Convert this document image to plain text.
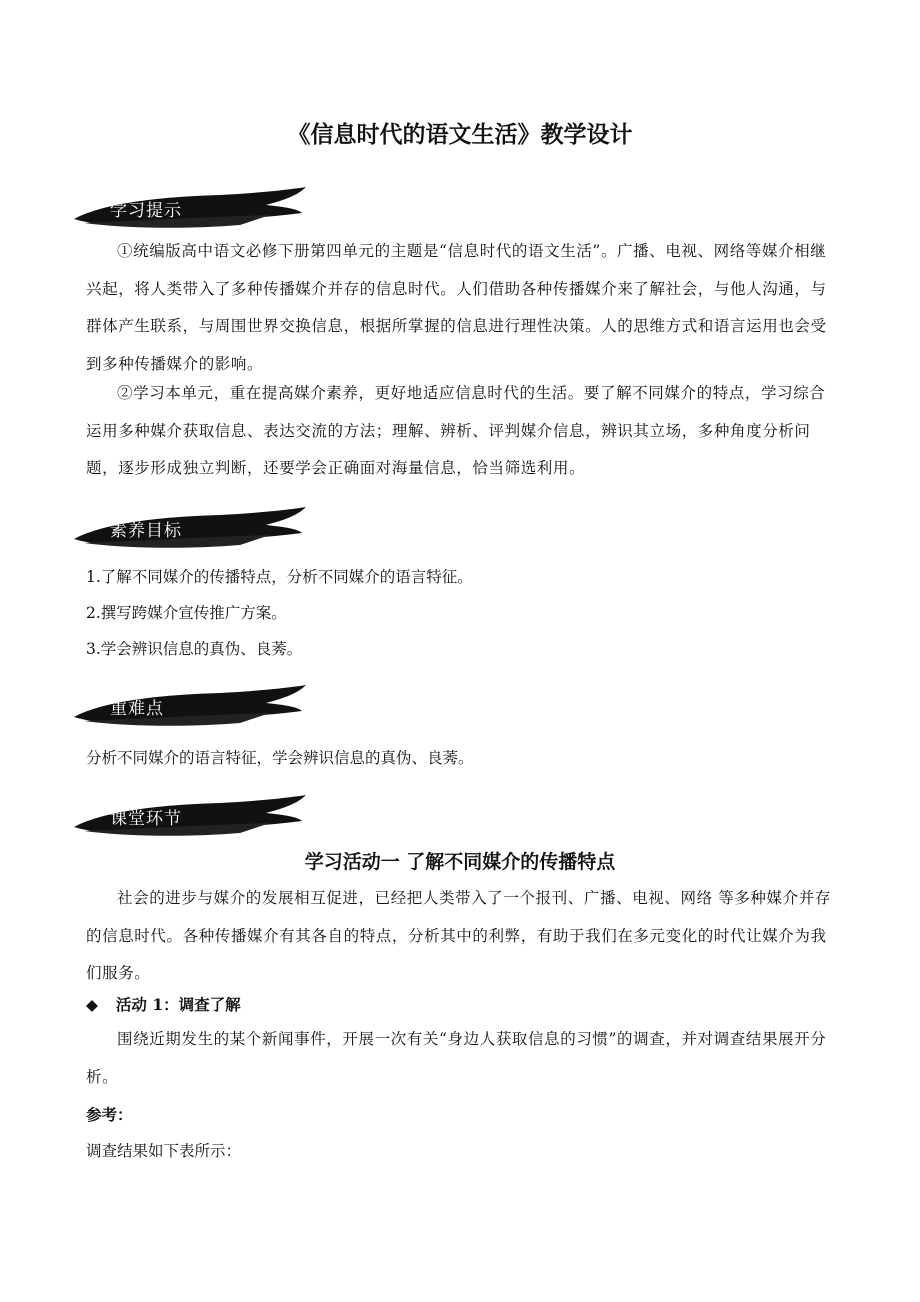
《信息时代的语文生活》教学设计
学习提示

①统编版高中语文必修下册第四单元的主题是“信息时代的语文生活”。广播、电视、网络等媒介相继兴起，将人类带入了多种传播媒介并存的信息时代。人们借助各种传播媒介来了解社会，与他人沟通，与群体产生联系，与周围世界交换信息，根据所掌握的信息进行理性决策。人的思维方式和语言运用也会受到多种传播媒介的影响。

②学习本单元，重在提高媒介素养，更好地适应信息时代的生活。要了解不同媒介的特点，学习综合运用多种媒介获取信息、表达交流的方法；理解、辨析、评判媒介信息，辨识其立场，多种角度分析问题，逐步形成独立判断，还要学会正确面对海量信息，恰当筛选利用。

素养目标

1.了解不同媒介的传播特点，分析不同媒介的语言特征。

2.撰写跨媒介宣传推广方案。

3.学会辨识信息的真伪、良莠。

重难点

分析不同媒介的语言特征，学会辨识信息的真伪、良莠。

课堂环节
学习活动一 了解不同媒介的传播特点

社会的进步与媒介的发展相互促进，已经把人类带入了一个报刊、广播、电视、网络 等多种媒介并存的信息时代。各种传播媒介有其各自的特点，分析其中的利弊，有助于我们在多元变化的时代让媒介为我们服务。

◆ 活动 1：调查了解

围绕近期发生的某个新闻事件，开展一次有关“身边人获取信息的习惯”的调查，并对调查结果展开分析。

参考：

调查结果如下表所示：
